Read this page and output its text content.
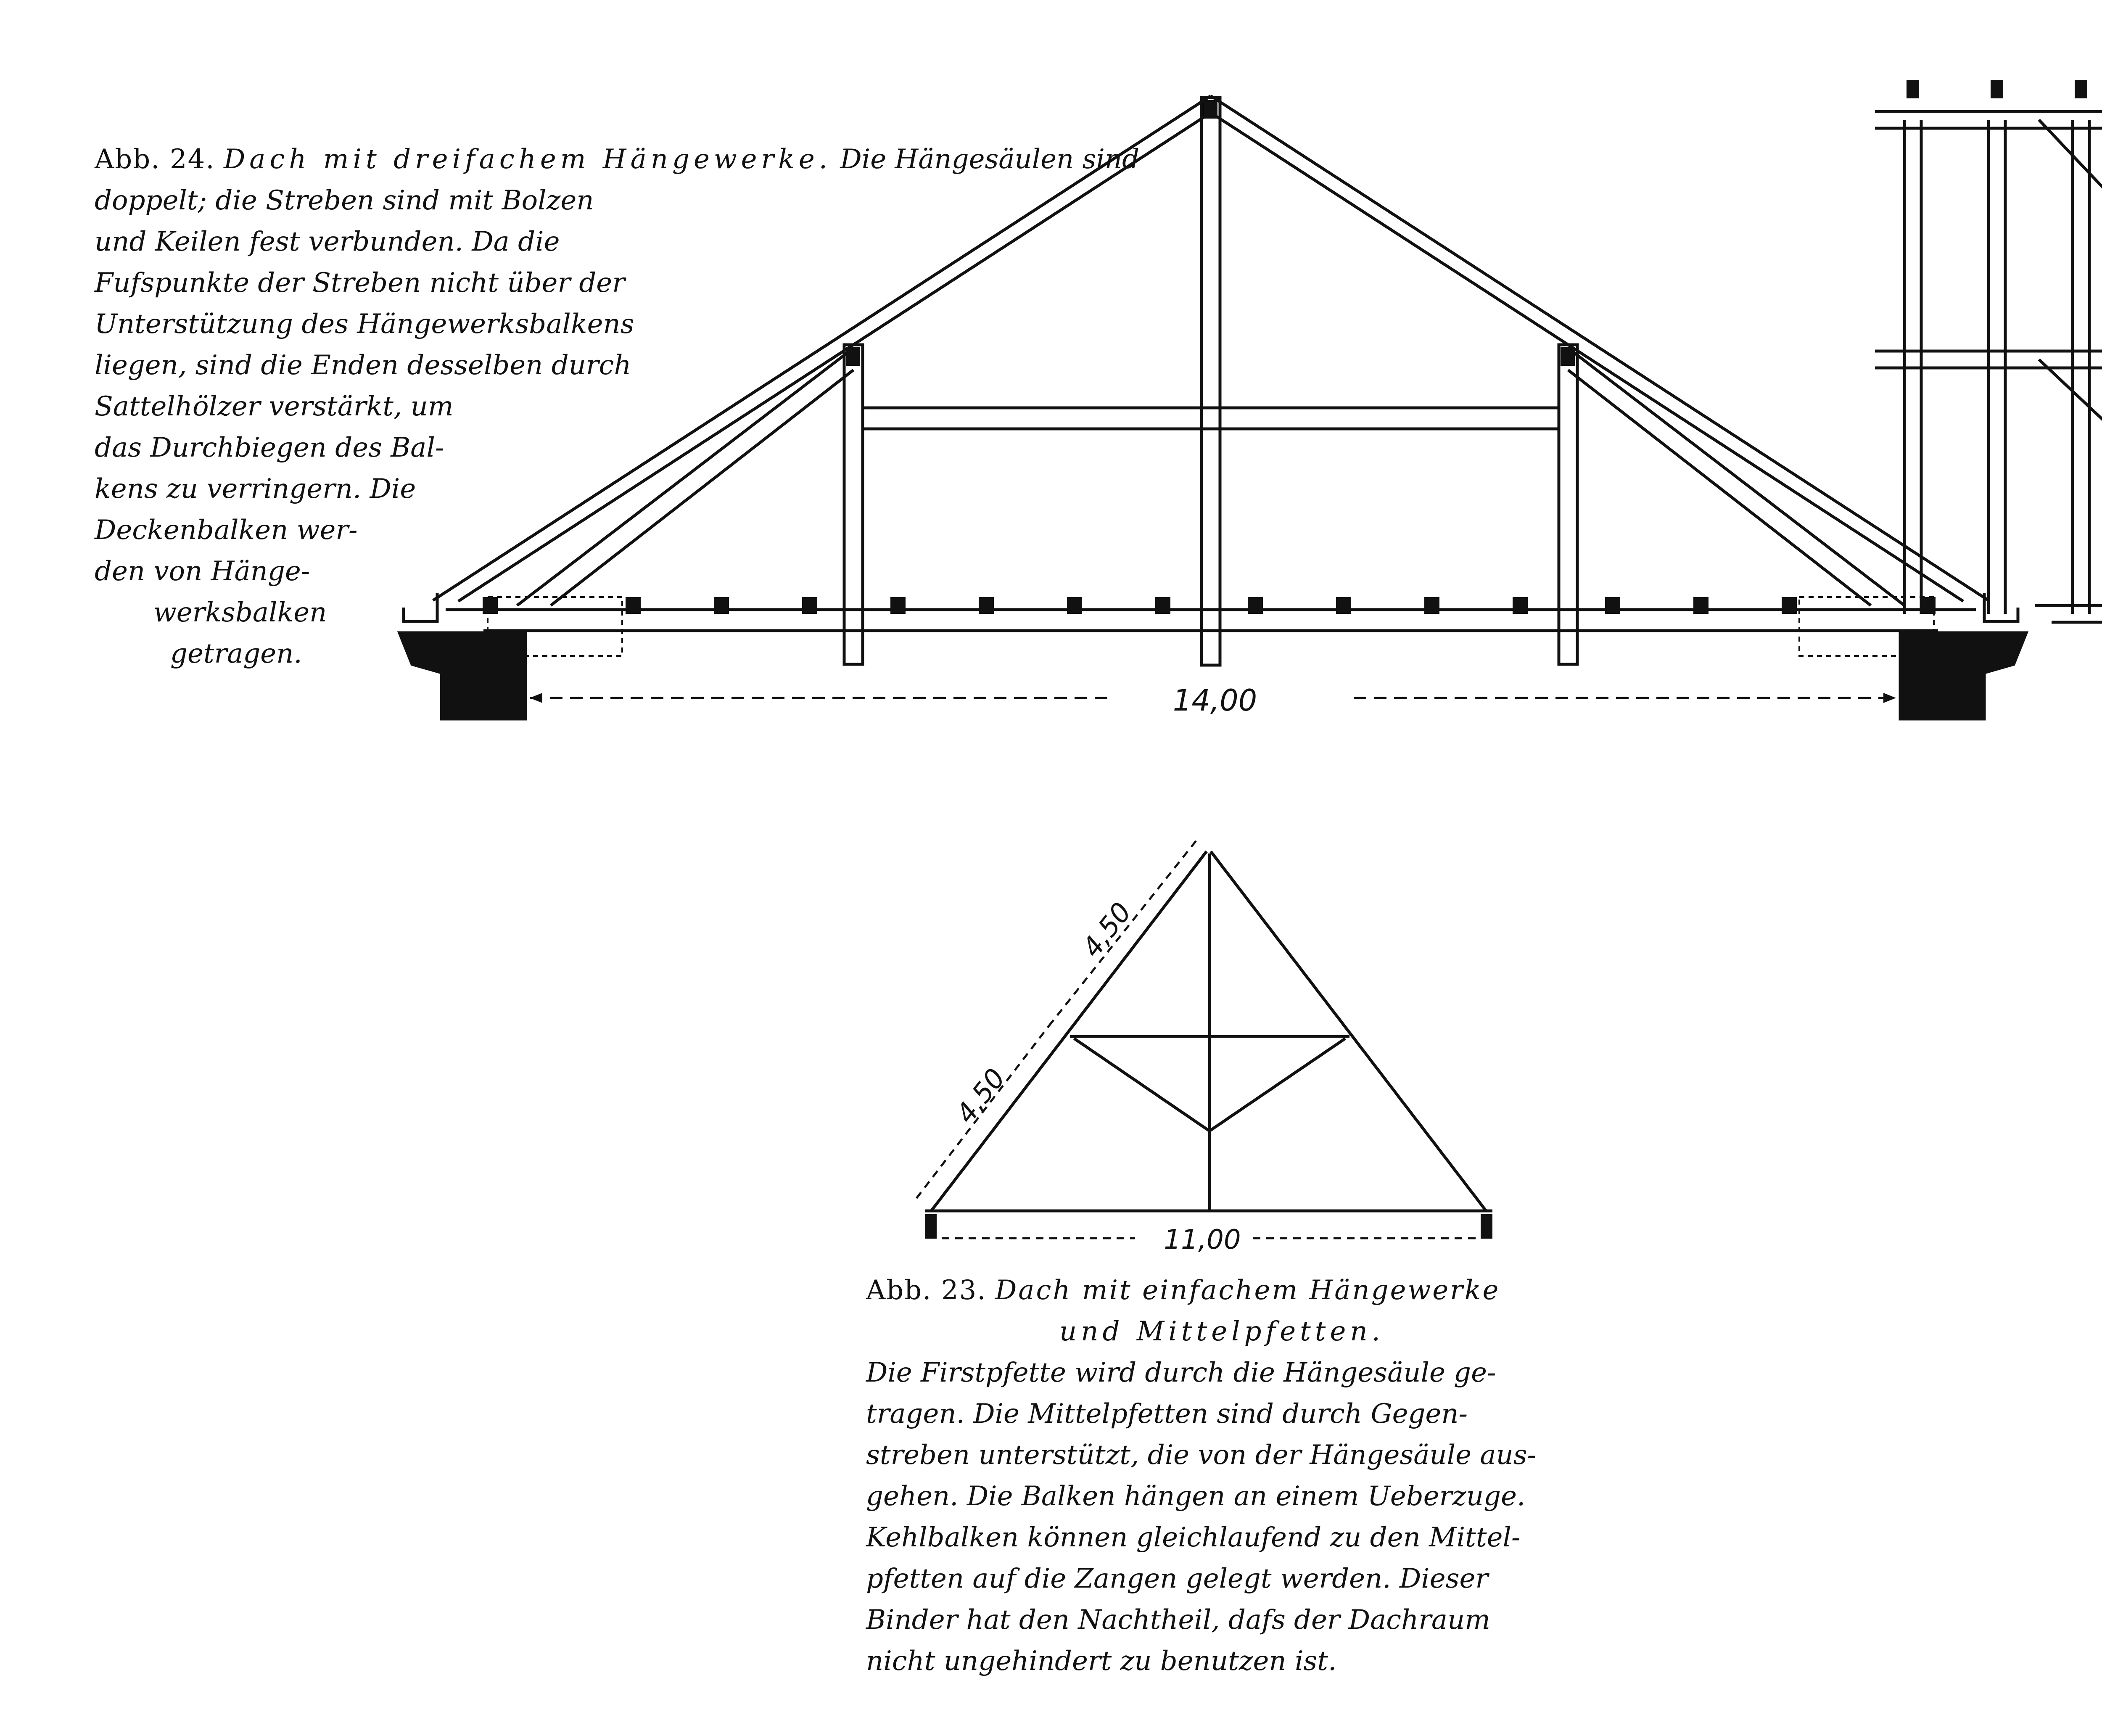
Abb. 24. Dach mit dreifachem Hängewerke. Die Hängesäulen sind
doppelt; die Streben sind mit Bolzen
und Keilen fest verbunden. Da die
Fufspunkte der Streben nicht über der
Unterstützung des Hängewerksbalkens
liegen, sind die Enden desselben durch
Sattelhölzer verstärkt, um
das Durchbiegen des Bal-
kens zu verringern. Die
Deckenbalken wer-
den von Hänge-
werksbalken
getragen.
Abb. 23. Dach mit einfachem Hängewerke
und Mittelpfetten.
Die Firstpfette wird durch die Hängesäule ge-
tragen. Die Mittelpfetten sind durch Gegen-
streben unterstützt, die von der Hängesäule aus-
gehen. Die Balken hängen an einem Ueberzuge.
Kehlbalken können gleichlaufend zu den Mittel-
pfetten auf die Zangen gelegt werden. Dieser
Binder hat den Nachtheil, dafs der Dachraum
nicht ungehindert zu benutzen ist.
14,00
4,50
4,50
11,00
